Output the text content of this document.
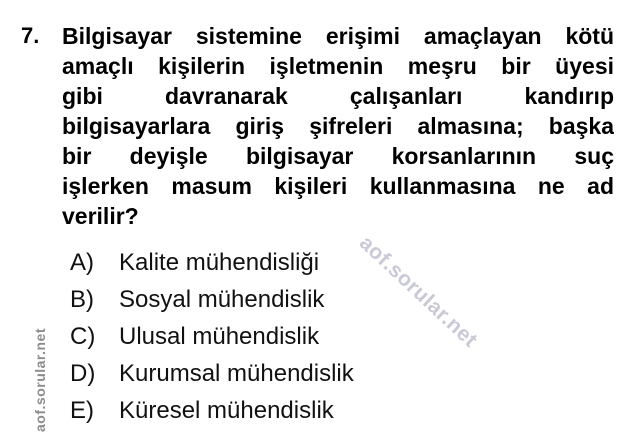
aof.sorular.net
aof.sorular.net
7. Bilgisayar sistemine erişimi amaçlayan kötü
amaçlı kişilerin işletmenin meşru bir üyesi
gibi davranarak çalışanları kandırıp
bilgisayarlara giriş şifreleri almasına; başka
bir deyişle bilgisayar korsanlarının suç
işlerken masum kişileri kullanmasına ne ad
verilir?
A)	Kalite mühendisliği
B)	Sosyal mühendislik
C) Ulusal mühendislik
D) Kurumsal mühendislik
E)	Küresel mühendislik
